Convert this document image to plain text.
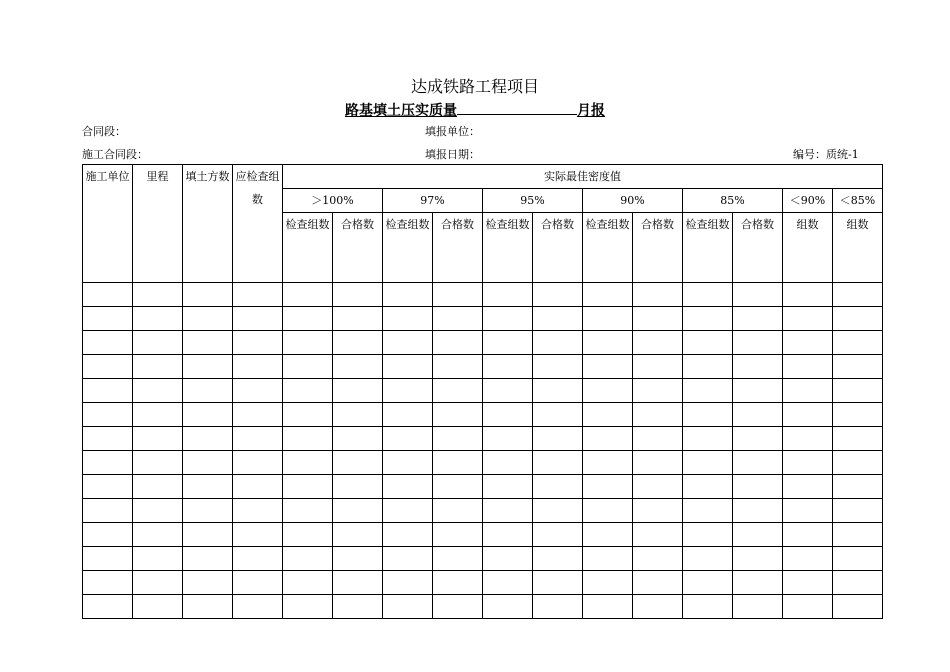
达成铁路工程项目
路基填土压实质量	月报
合同段：	填报单位：
施工合同段：	填报日期：	编号：质统-1
施工单位	里程	填土方数	应检查组数	实际最佳密度值											
				＞100%		97%		95%		90%		85%		＜90%	＜85%
				检查组数	合格数	检查组数	合格数	检查组数	合格数	检查组数	合格数	检查组数	合格数	组数	组数
